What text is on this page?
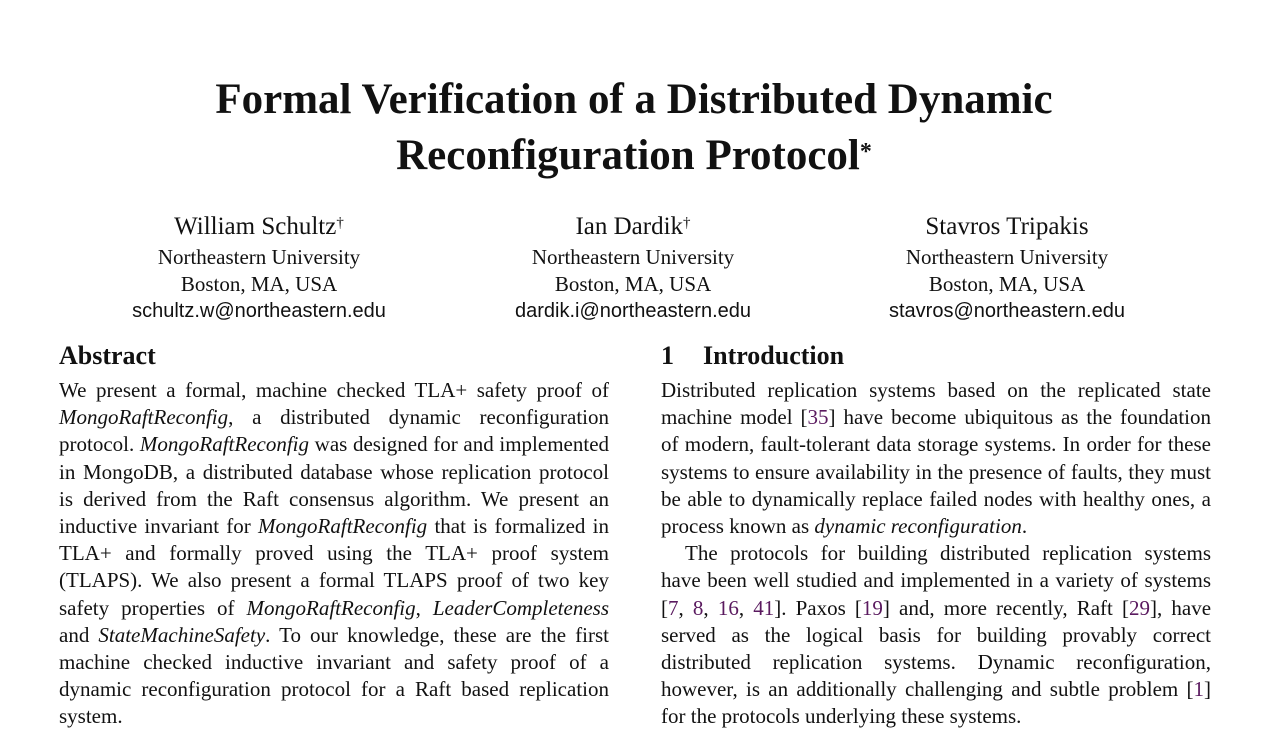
Formal Verification of a Distributed Dynamic
Reconfiguration Protocol*
William Schultz†
Northeastern University
Boston, MA, USA
schultz.w@northeastern.edu
Ian Dardik†
Northeastern University
Boston, MA, USA
dardik.i@northeastern.edu
Stavros Tripakis
Northeastern University
Boston, MA, USA
stavros@northeastern.edu
Abstract	1 Introduction

We present a formal, machine checked TLA+ safety proof of MongoRaftReconfig, a distributed dynamic reconfiguration protocol. MongoRaftReconfig was designed for and implemented in MongoDB, a distributed database whose replication protocol is derived from the Raft consensus algorithm. We present an inductive invariant for MongoRaftReconfig that is formalized in TLA+ and formally proved using the TLA+ proof system (TLAPS). We also present a formal TLAPS proof of two key safety properties of MongoRaftReconfig, LeaderCompleteness and StateMachineSafety. To our knowledge, these are the first machine checked inductive invariant and safety proof of a dynamic reconfiguration protocol for a Raft based replication system.

Distributed replication systems based on the replicated state machine model [35] have become ubiquitous as the foundation of modern, fault-tolerant data storage systems. In order for these systems to ensure availability in the presence of faults, they must be able to dynamically replace failed nodes with healthy ones, a process known as dynamic reconfiguration.

The protocols for building distributed replication systems have been well studied and implemented in a variety of systems [7, 8, 16, 41]. Paxos [19] and, more recently, Raft [29], have served as the logical basis for building provably correct distributed replication systems. Dynamic reconfiguration, however, is an additionally challenging and subtle problem [1] for the protocols underlying these systems.
